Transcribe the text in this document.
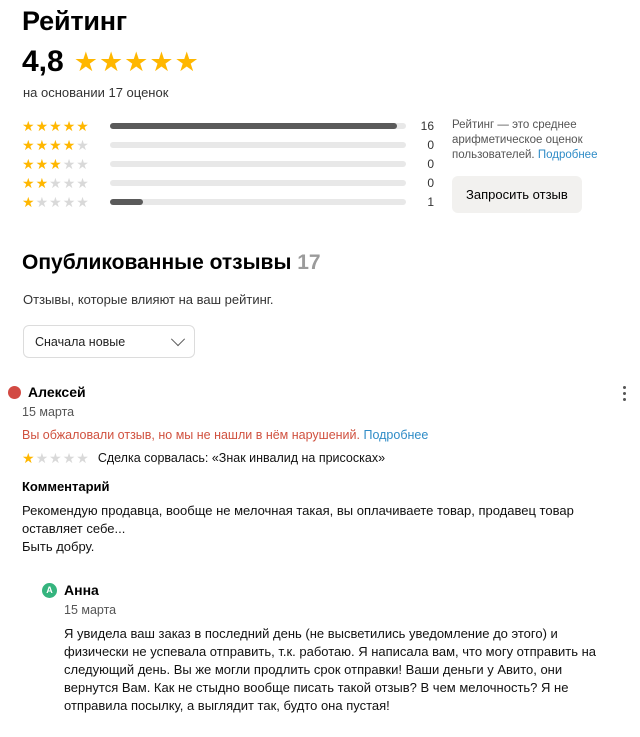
Рейтинг
4,8 ★ ★ ★ ★ ★
на основании 17 оценок
★ ★ ★ ★ ★	16
★ ★ ★ ★ ★	0
★ ★ ★ ★ ★	0
★ ★ ★ ★ ★	0
★ ★ ★ ★ ★	1
Рейтинг — это среднее арифметическое оценок пользователей. Подробнее
Запросить отзыв
Опубликованные отзывы 17
Отзывы, которые влияют на ваш рейтинг.
Сначала новые
Алексей
15 марта
Вы обжаловали отзыв, но мы не нашли в нём нарушений. Подробнее
★ ★ ★ ★ ★ Сделка сорвалась: «Знак инвалид на присосках»
Комментарий
Рекомендую продавца, вообще не мелочная такая, вы оплачиваете товар, продавец товар оставляет себе...
Быть добру.
A Анна
15 марта
Я увидела ваш заказ в последний день (не высветились уведомление до этого) и физически не успевала отправить, т.к. работаю. Я написала вам, что могу отправить на следующий день. Вы же могли продлить срок отправки! Ваши деньги у Авито, они вернутся Вам. Как не стыдно вообще писать такой отзыв? В чем мелочность? Я не отправила посылку, а выглядит так, будто она пустая!
